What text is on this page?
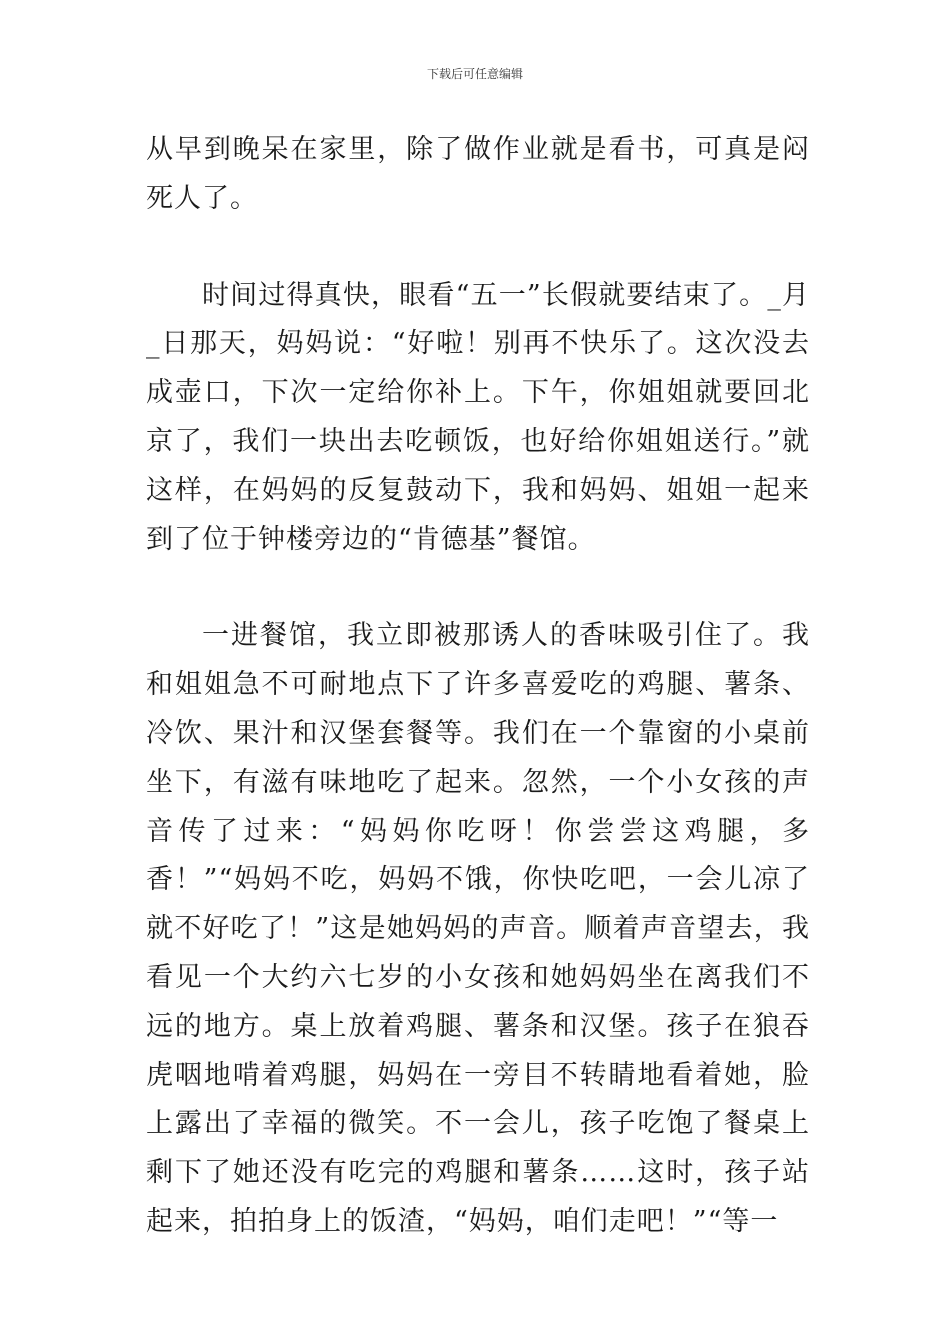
下载后可任意编辑

从早到晚呆在家里，除了做作业就是看书，可真是闷死人了。

时间过得真快，眼看“五一”长假就要结束了。_月_日那天，妈妈说：“好啦！别再不快乐了。这次没去成壶口，下次一定给你补上。下午，你姐姐就要回北京了，我们一块出去吃顿饭，也好给你姐姐送行。”就这样，在妈妈的反复鼓动下，我和妈妈、姐姐一起来到了位于钟楼旁边的“肯德基”餐馆。

一进餐馆，我立即被那诱人的香味吸引住了。我和姐姐急不可耐地点下了许多喜爱吃的鸡腿、薯条、冷饮、果汁和汉堡套餐等。我们在一个靠窗的小桌前坐下，有滋有味地吃了起来。忽然，一个小女孩的声音传了过来：“妈妈你吃呀！你尝尝这鸡腿，多香！”“妈妈不吃，妈妈不饿，你快吃吧，一会儿凉了就不好吃了！”这是她妈妈的声音。顺着声音望去，我看见一个大约六七岁的小女孩和她妈妈坐在离我们不远的地方。桌上放着鸡腿、薯条和汉堡。孩子在狼吞虎咽地啃着鸡腿，妈妈在一旁目不转睛地看着她，脸上露出了幸福的微笑。不一会儿，孩子吃饱了餐桌上剩下了她还没有吃完的鸡腿和薯条……这时，孩子站起来，拍拍身上的饭渣，“妈妈，咱们走吧！”“等一
